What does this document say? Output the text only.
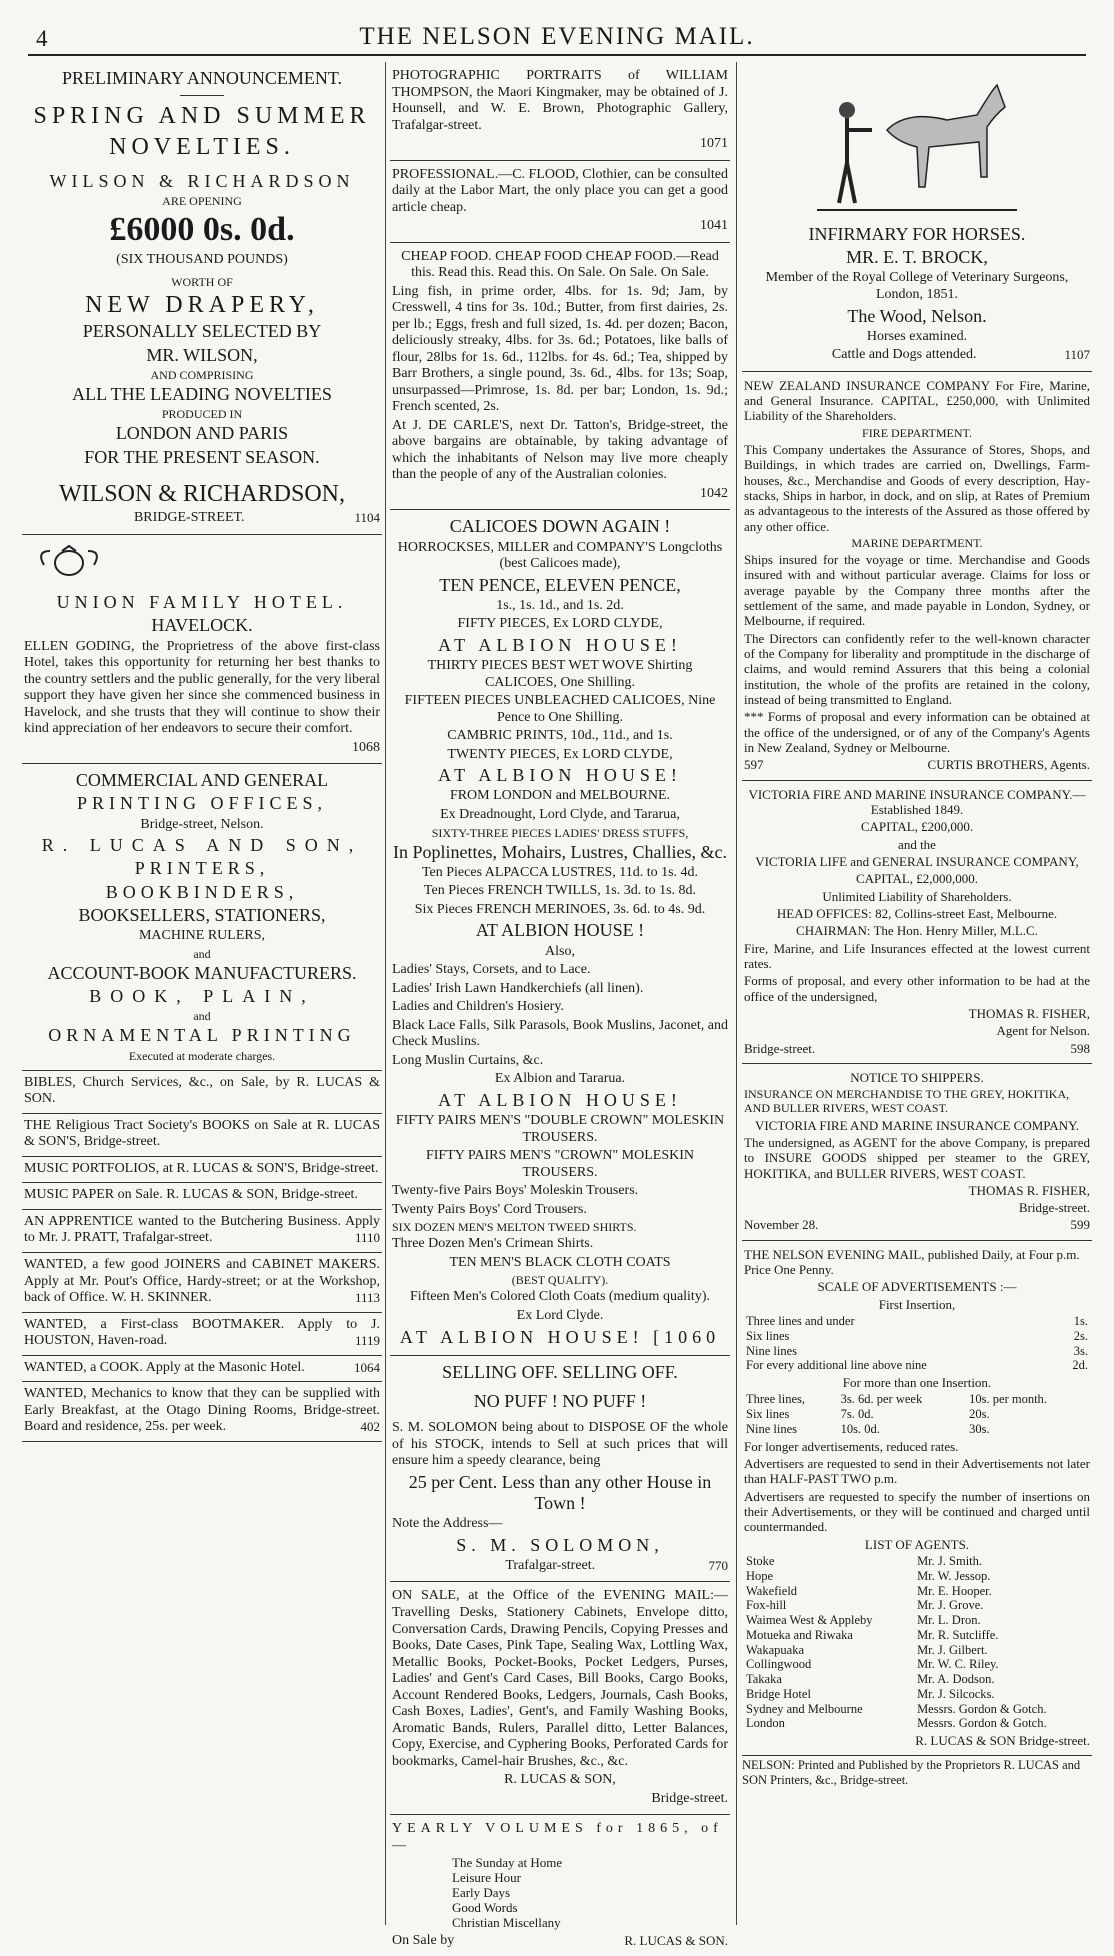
4	THE NELSON EVENING MAIL.

PRELIMINARY ANNOUNCEMENT.

SPRING AND SUMMER

NOVELTIES.

WILSON & RICHARDSON

ARE OPENING

£6000 0s. 0d.

(SIX THOUSAND POUNDS)

WORTH OF

NEW DRAPERY,

PERSONALLY SELECTED BY

MR. WILSON,

AND COMPRISING

ALL THE LEADING NOVELTIES

PRODUCED IN

LONDON AND PARIS

FOR THE PRESENT SEASON.

WILSON & RICHARDSON,

BRIDGE-STREET.	1104

UNION FAMILY HOTEL.

HAVELOCK.

ELLEN GODING, the Proprietress of the above first-class Hotel, takes this opportunity for returning her best thanks to the country settlers and the public generally, for the very liberal support they have given her since she commenced business in Havelock, and she trusts that they will continue to show their kind appreciation of her endeavors to secure their comfort.

1068

COMMERCIAL AND GENERAL

PRINTING OFFICES,

Bridge-street, Nelson.

R. LUCAS AND SON,

PRINTERS,

BOOKBINDERS,

BOOKSELLERS, STATIONERS,

MACHINE RULERS,

and

ACCOUNT-BOOK MANUFACTURERS.

BOOK, PLAIN,

and

ORNAMENTAL PRINTING

Executed at moderate charges.

BIBLES, Church Services, &c., on Sale, by R. LUCAS & SON.
THE Religious Tract Society's BOOKS on Sale at R. LUCAS & SON'S, Bridge-street.
MUSIC PORTFOLIOS, at R. LUCAS & SON'S, Bridge-street.
MUSIC PAPER on Sale. R. LUCAS & SON, Bridge-street.
AN APPRENTICE wanted to the Butchering Business. Apply to Mr. J. PRATT, Trafalgar-street.	1110
WANTED, a few good JOINERS and CABINET MAKERS. Apply at Mr. Pout's Office, Hardy-street; or at the Workshop, back of Office. W. H. SKINNER.	1113
WANTED, a First-class BOOTMAKER. Apply to J. HOUSTON, Haven-road.	1119
WANTED, a COOK. Apply at the Masonic Hotel.	1064
WANTED, Mechanics to know that they can be supplied with Early Breakfast, at the Otago Dining Rooms, Bridge-street. Board and residence, 25s. per week.	402

PHOTOGRAPHIC PORTRAITS of WILLIAM THOMPSON, the Maori Kingmaker, may be obtained of J. Hounsell, and W. E. Brown, Photographic Gallery, Trafalgar-street.

1071

PROFESSIONAL.—C. FLOOD, Clothier, can be consulted daily at the Labor Mart, the only place you can get a good article cheap.

1041

CHEAP FOOD. CHEAP FOOD CHEAP FOOD.—Read this. Read this. Read this. On Sale. On Sale. On Sale.

Ling fish, in prime order, 4lbs. for 1s. 9d; Jam, by Cresswell, 4 tins for 3s. 10d.; Butter, from first dairies, 2s. per lb.; Eggs, fresh and full sized, 1s. 4d. per dozen; Bacon, deliciously streaky, 4lbs. for 3s. 6d.; Potatoes, like balls of flour, 28lbs for 1s. 6d., 112lbs. for 4s. 6d.; Tea, shipped by Barr Brothers, a single pound, 3s. 6d., 4lbs. for 13s; Soap, unsurpassed—Primrose, 1s. 8d. per bar; London, 1s. 9d.; French scented, 2s.

At J. DE CARLE'S, next Dr. Tatton's, Bridge-street, the above bargains are obtainable, by taking advantage of which the inhabitants of Nelson may live more cheaply than the people of any of the Australian colonies.

1042

CALICOES DOWN AGAIN !

HORROCKSES, MILLER and COMPANY'S Longcloths (best Calicoes made),

TEN PENCE, ELEVEN PENCE,

1s., 1s. 1d., and 1s. 2d.

FIFTY PIECES, Ex LORD CLYDE,

AT ALBION HOUSE!

THIRTY PIECES BEST WET WOVE Shirting CALICOES, One Shilling.

FIFTEEN PIECES UNBLEACHED CALICOES, Nine Pence to One Shilling.

CAMBRIC PRINTS, 10d., 11d., and 1s.

TWENTY PIECES, Ex LORD CLYDE,

AT ALBION HOUSE!

FROM LONDON and MELBOURNE.

Ex Dreadnought, Lord Clyde, and Tararua,

SIXTY-THREE PIECES LADIES' DRESS STUFFS,

In Poplinettes, Mohairs, Lustres, Challies, &c.

Ten Pieces ALPACCA LUSTRES, 11d. to 1s. 4d.

Ten Pieces FRENCH TWILLS, 1s. 3d. to 1s. 8d.

Six Pieces FRENCH MERINOES, 3s. 6d. to 4s. 9d.

AT ALBION HOUSE !

Also,

Ladies' Stays, Corsets, and to Lace.

Ladies' Irish Lawn Handkerchiefs (all linen).

Ladies and Children's Hosiery.

Black Lace Falls, Silk Parasols, Book Muslins, Jaconet, and Check Muslins.

Long Muslin Curtains, &c.

Ex Albion and Tararua.

AT ALBION HOUSE!

FIFTY PAIRS MEN'S "DOUBLE CROWN" MOLESKIN TROUSERS.

FIFTY PAIRS MEN'S "CROWN" MOLESKIN TROUSERS.

Twenty-five Pairs Boys' Moleskin Trousers.

Twenty Pairs Boys' Cord Trousers.

SIX DOZEN MEN'S MELTON TWEED SHIRTS.

Three Dozen Men's Crimean Shirts.

TEN MEN'S BLACK CLOTH COATS

(BEST QUALITY).

Fifteen Men's Colored Cloth Coats (medium quality).

Ex Lord Clyde.

AT ALBION HOUSE! [1060

SELLING OFF. SELLING OFF.

NO PUFF ! NO PUFF !

S. M. SOLOMON being about to DISPOSE OF the whole of his STOCK, intends to Sell at such prices that will ensure him a speedy clearance, being

25 per Cent. Less than any other House in Town !

Note the Address—

S. M. SOLOMON,

Trafalgar-street.	770

ON SALE, at the Office of the EVENING MAIL:—Travelling Desks, Stationery Cabinets, Envelope ditto, Conversation Cards, Drawing Pencils, Copying Presses and Books, Date Cases, Pink Tape, Sealing Wax, Lottling Wax, Metallic Books, Pocket-Books, Pocket Ledgers, Purses, Ladies' and Gent's Card Cases, Bill Books, Cargo Books, Account Rendered Books, Ledgers, Journals, Cash Books, Cash Boxes, Ladies', Gent's, and Family Washing Books, Aromatic Bands, Rulers, Parallel ditto, Letter Balances, Copy, Exercise, and Cyphering Books, Perforated Cards for bookmarks, Camel-hair Brushes, &c., &c.

R. LUCAS & SON,

Bridge-street.

YEARLY VOLUMES for 1865, of—

The Sunday at Home
Leisure Hour
Early Days
Good Words
Christian Miscellany

On Sale by	R. LUCAS & SON.

INFIRMARY FOR HORSES.

MR. E. T. BROCK,

Member of the Royal College of Veterinary Surgeons, London, 1851.

The Wood, Nelson.

Horses examined.

Cattle and Dogs attended.	1107

NEW ZEALAND INSURANCE COMPANY For Fire, Marine, and General Insurance. CAPITAL, £250,000, with Unlimited Liability of the Shareholders.

FIRE DEPARTMENT.

This Company undertakes the Assurance of Stores, Shops, and Buildings, in which trades are carried on, Dwellings, Farm-houses, &c., Merchandise and Goods of every description, Hay-stacks, Ships in harbor, in dock, and on slip, at Rates of Premium as advantageous to the interests of the Assured as those offered by any other office.

MARINE DEPARTMENT.

Ships insured for the voyage or time. Merchandise and Goods insured with and without particular average. Claims for loss or average payable by the Company three months after the settlement of the same, and made payable in London, Sydney, or Melbourne, if required.

The Directors can confidently refer to the well-known character of the Company for liberality and promptitude in the discharge of claims, and would remind Assurers that this being a colonial institution, the whole of the profits are retained in the colony, instead of being transmitted to England.

*** Forms of proposal and every information can be obtained at the office of the undersigned, or of any of the Company's Agents in New Zealand, Sydney or Melbourne.

597	CURTIS BROTHERS, Agents.

VICTORIA FIRE AND MARINE INSURANCE COMPANY.—Established 1849.

CAPITAL, £200,000.

and the

VICTORIA LIFE and GENERAL INSURANCE COMPANY,

CAPITAL, £2,000,000.

Unlimited Liability of Shareholders.

HEAD OFFICES: 82, Collins-street East, Melbourne.

CHAIRMAN: The Hon. Henry Miller, M.L.C.

Fire, Marine, and Life Insurances effected at the lowest current rates.

Forms of proposal, and every other information to be had at the office of the undersigned,

THOMAS R. FISHER,

Agent for Nelson.

Bridge-street.	598

NOTICE TO SHIPPERS.

INSURANCE ON MERCHANDISE TO THE GREY, HOKITIKA, AND BULLER RIVERS, WEST COAST.

VICTORIA FIRE AND MARINE INSURANCE COMPANY.

The undersigned, as AGENT for the above Company, is prepared to INSURE GOODS shipped per steamer to the GREY, HOKITIKA, and BULLER RIVERS, WEST COAST.

THOMAS R. FISHER,

Bridge-street.

November 28.	599

THE NELSON EVENING MAIL, published Daily, at Four p.m. Price One Penny.

SCALE OF ADVERTISEMENTS :—

First Insertion,

Three lines and under	1s.
Six lines	2s.
Nine lines	3s.
For every additional line above nine	2d.

For more than one Insertion.

Three lines,	3s. 6d. per week	10s. per month.
Six lines	7s. 0d.	20s.
Nine lines	10s. 0d.	30s.

For longer advertisements, reduced rates.

Advertisers are requested to send in their Advertisements not later than HALF-PAST TWO p.m.

Advertisers are requested to specify the number of insertions on their Advertisements, or they will be continued and charged until countermanded.

LIST OF AGENTS.

Stoke	Mr. J. Smith.
Hope	Mr. W. Jessop.
Wakefield	Mr. E. Hooper.
Fox-hill	Mr. J. Grove.
Waimea West & Appleby	Mr. L. Dron.
Motueka and Riwaka	Mr. R. Sutcliffe.
Wakapuaka	Mr. J. Gilbert.
Collingwood	Mr. W. C. Riley.
Takaka	Mr. A. Dodson.
Bridge Hotel	Mr. J. Silcocks.
Sydney and Melbourne	Messrs. Gordon & Gotch.
London	Messrs. Gordon & Gotch.

R. LUCAS & SON Bridge-street.

NELSON: Printed and Published by the Proprietors R. LUCAS and SON Printers, &c., Bridge-street.
